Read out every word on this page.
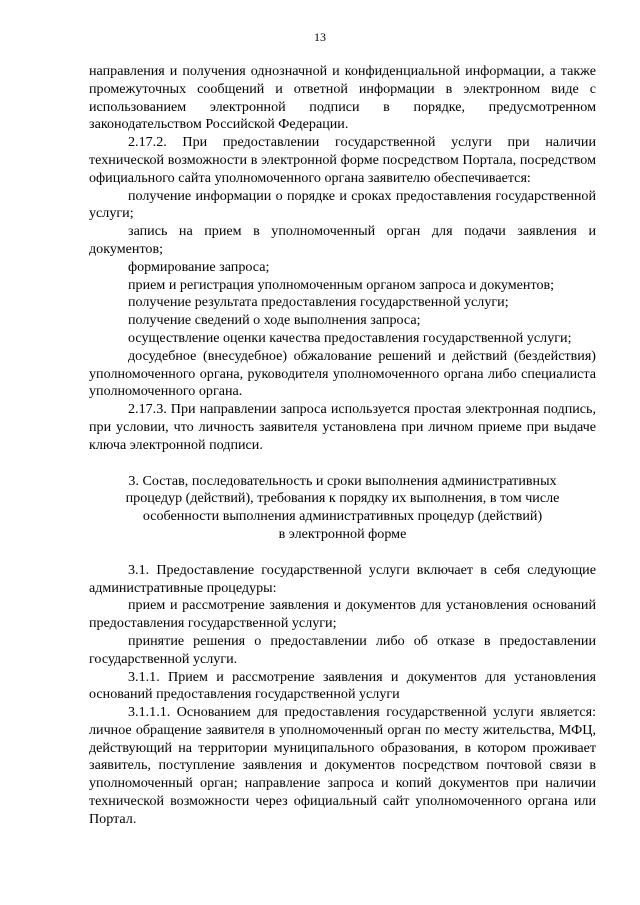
13

направления и получения однозначной и конфиденциальной информации, а также промежуточных сообщений и ответной информации в электронном виде с использованием электронной подписи в порядке, предусмотренном законодательством Российской Федерации.

2.17.2. При предоставлении государственной услуги при наличии технической возможности в электронной форме посредством Портала, посредством официального сайта уполномоченного органа заявителю обеспечивается:

получение информации о порядке и сроках предоставления государственной услуги;

запись на прием в уполномоченный орган для подачи заявления и документов;

формирование запроса;

прием и регистрация уполномоченным органом запроса и документов;

получение результата предоставления государственной услуги;

получение сведений о ходе выполнения запроса;

осуществление оценки качества предоставления государственной услуги;

досудебное (внесудебное) обжалование решений и действий (бездействия) уполномоченного органа, руководителя уполномоченного органа либо специалиста уполномоченного органа.

2.17.3. При направлении запроса используется простая электронная подпись, при условии, что личность заявителя установлена при личном приеме при выдаче ключа электронной подписи.

3. Состав, последовательность и сроки выполнения административных

процедур (действий), требования к порядку их выполнения, в том числе

особенности выполнения административных процедур (действий)

в электронной форме

3.1. Предоставление государственной услуги включает в себя следующие административные процедуры:

прием и рассмотрение заявления и документов для установления оснований предоставления государственной услуги;

принятие решения о предоставлении либо об отказе в предоставлении государственной услуги.

3.1.1. Прием и рассмотрение заявления и документов для установления оснований предоставления государственной услуги

3.1.1.1. Основанием для предоставления государственной услуги является: личное обращение заявителя в уполномоченный орган по месту жительства, МФЦ, действующий на территории муниципального образования, в котором проживает заявитель, поступление заявления и документов посредством почтовой связи в уполномоченный орган; направление запроса и копий документов при наличии технической возможности через официальный сайт уполномоченного органа или Портал.
